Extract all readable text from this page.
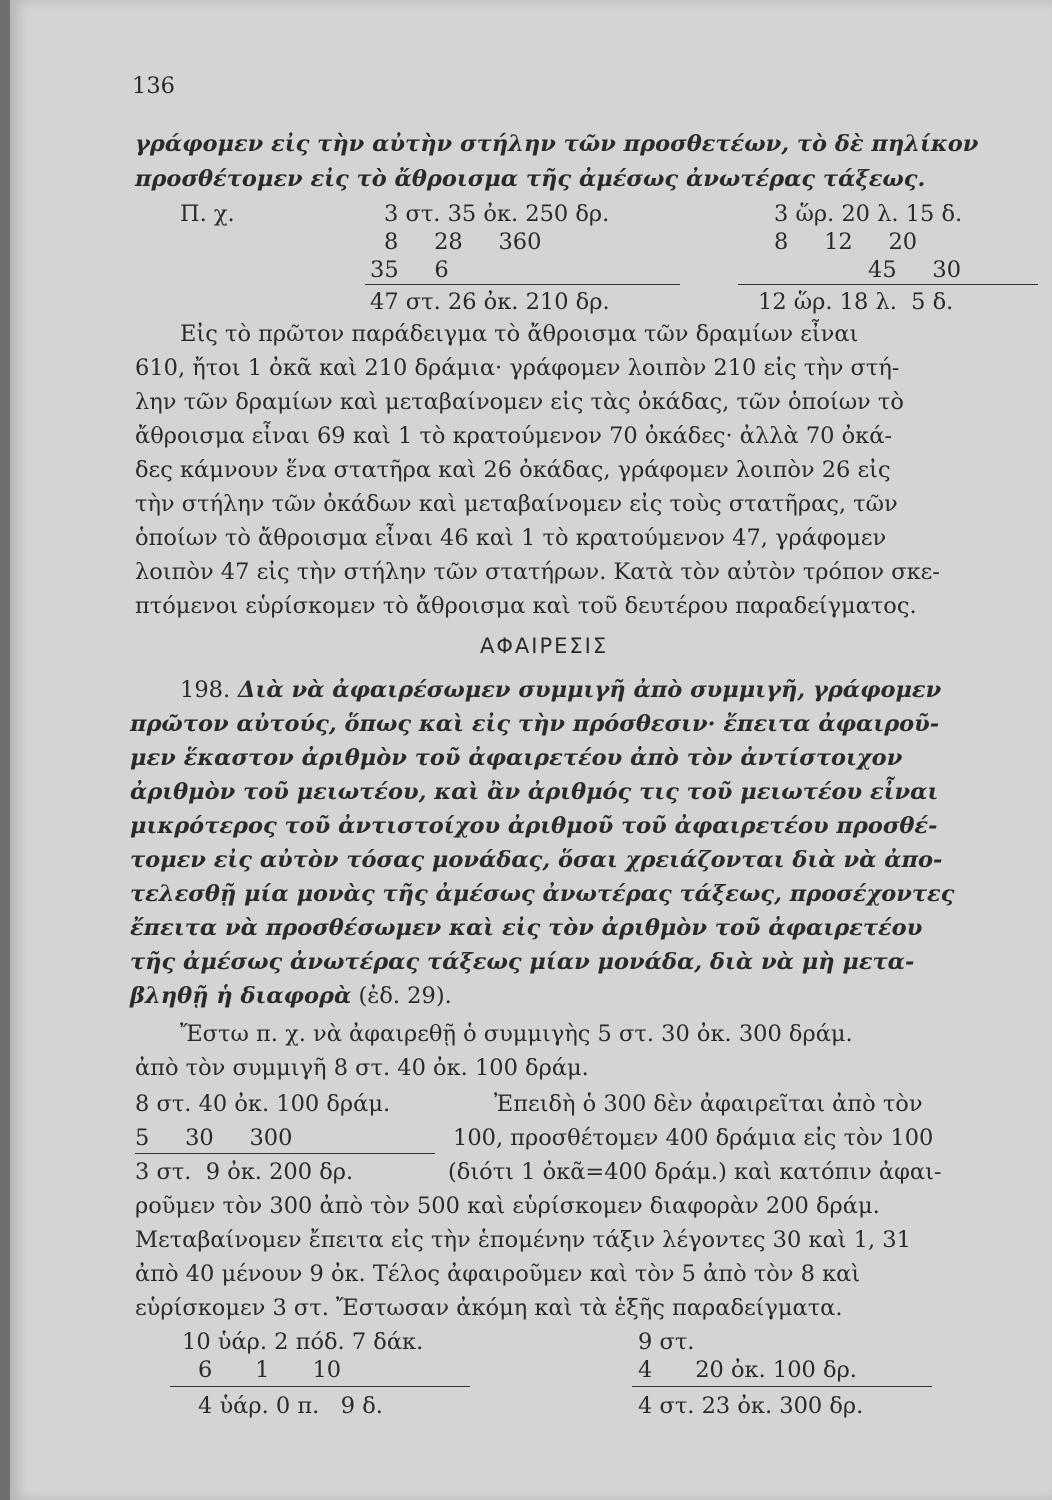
136
γράφομεν εἰς τὴν αὐτὴν στήλην τῶν προσθετέων, τὸ δὲ πηλίκον
προσθέτομεν εἰς τὸ ἄθροισμα τῆς ἀμέσως ἀνωτέρας τάξεως.
Π. χ.	3 στ. 35 ὀκ. 250 δρ.
8     28     360
35     6
47 στ. 26 ὀκ. 210 δρ.
3 ὥρ. 20 λ. 15 δ.
8     12     20
45     30
12 ὥρ. 18 λ.  5 δ.
Εἰς τὸ πρῶτον παράδειγμα τὸ ἄθροισμα τῶν δραμίων εἶναι
610, ἤτοι 1 ὀκᾶ καὶ 210 δράμια· γράφομεν λοιπὸν 210 εἰς τὴν στή-
λην τῶν δραμίων καὶ μεταβαίνομεν εἰς τὰς ὀκάδας, τῶν ὁποίων τὸ
ἄθροισμα εἶναι 69 καὶ 1 τὸ κρατούμενον 70 ὀκάδες· ἀλλὰ 70 ὀκά-
δες κάμνουν ἕνα στατῆρα καὶ 26 ὀκάδας, γράφομεν λοιπὸν 26 εἰς
τὴν στήλην τῶν ὀκάδων καὶ μεταβαίνομεν εἰς τοὺς στατῆρας, τῶν
ὁποίων τὸ ἄθροισμα εἶναι 46 καὶ 1 τὸ κρατούμενον 47, γράφομεν
λοιπὸν 47 εἰς τὴν στήλην τῶν στατήρων. Κατὰ τὸν αὐτὸν τρόπον σκε-
πτόμενοι εὑρίσκομεν τὸ ἄθροισμα καὶ τοῦ δευτέρου παραδείγματος.
ΑΦΑΙΡΕΣΙΣ
198. Διὰ νὰ ἀφαιρέσωμεν συμμιγῆ ἀπὸ συμμιγῆ, γράφομεν
πρῶτον αὐτούς, ὅπως καὶ εἰς τὴν πρόσθεσιν· ἔπειτα ἀφαιροῦ-
μεν ἕκαστον ἀριθμὸν τοῦ ἀφαιρετέου ἀπὸ τὸν ἀντίστοιχον
ἀριθμὸν τοῦ μειωτέου, καὶ ἂν ἀριθμός τις τοῦ μειωτέου εἶναι
μικρότερος τοῦ ἀντιστοίχου ἀριθμοῦ τοῦ ἀφαιρετέου προσθέ-
τομεν εἰς αὐτὸν τόσας μονάδας, ὅσαι χρειάζονται διὰ νὰ ἀπο-
τελεσθῇ μία μονὰς τῆς ἀμέσως ἀνωτέρας τάξεως, προσέχοντες
ἔπειτα νὰ προσθέσωμεν καὶ εἰς τὸν ἀριθμὸν τοῦ ἀφαιρετέου
τῆς ἀμέσως ἀνωτέρας τάξεως μίαν μονάδα, διὰ νὰ μὴ μετα-
βληθῇ ἡ διαφορὰ (ἐδ. 29).
Ἔστω π. χ. νὰ ἀφαιρεθῇ ὁ συμμιγὴς 5 στ. 30 ὀκ. 300 δράμ.
ἀπὸ τὸν συμμιγῆ 8 στ. 40 ὀκ. 100 δράμ.
8 στ. 40 ὀκ. 100 δράμ.
5     30     300
3 στ.  9 ὀκ. 200 δρ.
Ἐπειδὴ ὁ 300 δὲν ἀφαιρεῖται ἀπὸ τὸν
100, προσθέτομεν 400 δράμια εἰς τὸν 100
(διότι 1 ὀκᾶ=400 δράμ.) καὶ κατόπιν ἀφαι-
ροῦμεν τὸν 300 ἀπὸ τὸν 500 καὶ εὑρίσκομεν διαφορὰν 200 δράμ.
Μεταβαίνομεν ἔπειτα εἰς τὴν ἑπομένην τάξιν λέγοντες 30 καὶ 1, 31
ἀπὸ 40 μένουν 9 ὀκ. Τέλος ἀφαιροῦμεν καὶ τὸν 5 ἀπὸ τὸν 8 καὶ
εὑρίσκομεν 3 στ. Ἔστωσαν ἀκόμη καὶ τὰ ἑξῆς παραδείγματα.
10 ὑάρ. 2 πόδ. 7 δάκ.
6      1      10
4 ὑάρ. 0 π.   9 δ.
9 στ.
4      20 ὀκ. 100 δρ.
4 στ. 23 ὀκ. 300 δρ.
